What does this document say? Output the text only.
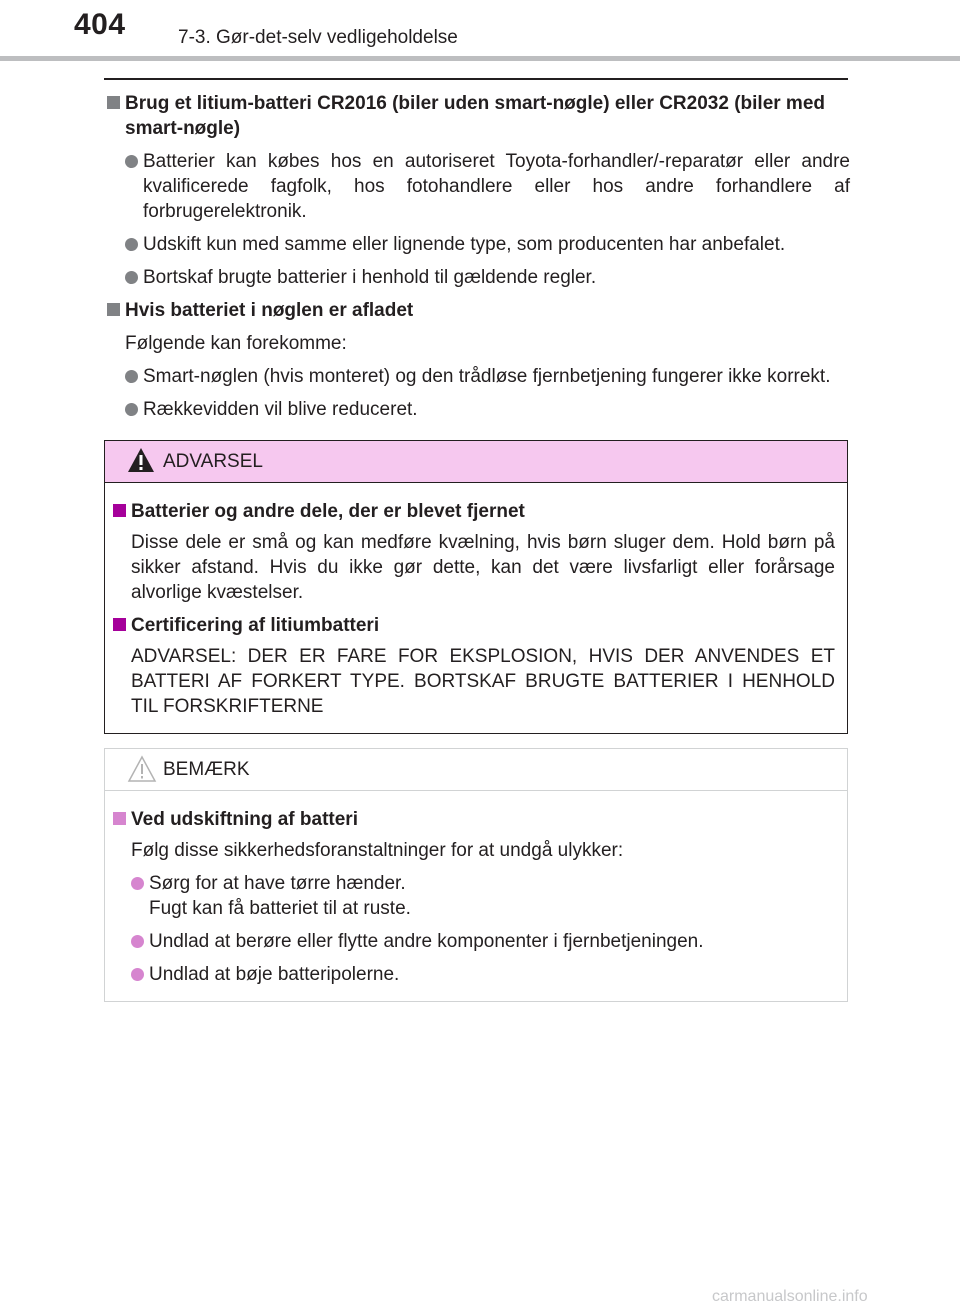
404	7-3. Gør-det-selv vedligeholdelse
Brug et litium-batteri CR2016 (biler uden smart-nøgle) eller CR2032 (biler med smart-nøgle)
Batterier kan købes hos en autoriseret Toyota-forhandler/-reparatør eller andre kvalificerede fagfolk, hos fotohandlere eller hos andre forhandlere af forbrugerelektronik.
Udskift kun med samme eller lignende type, som producenten har anbefalet.
Bortskaf brugte batterier i henhold til gældende regler.
Hvis batteriet i nøglen er afladet
Følgende kan forekomme:
Smart-nøglen (hvis monteret) og den trådløse fjernbetjening fungerer ikke korrekt.
Rækkevidden vil blive reduceret.
ADVARSEL
Batterier og andre dele, der er blevet fjernet
Disse dele er små og kan medføre kvælning, hvis børn sluger dem. Hold børn på sikker afstand. Hvis du ikke gør dette, kan det være livsfarligt eller forårsage alvorlige kvæstelser.
Certificering af litiumbatteri
ADVARSEL: DER ER FARE FOR EKSPLOSION, HVIS DER ANVENDES ET BATTERI AF FORKERT TYPE. BORTSKAF BRUGTE BATTERIER I HENHOLD TIL FORSKRIFTERNE
BEMÆRK
Ved udskiftning af batteri
Følg disse sikkerhedsforanstaltninger for at undgå ulykker:
Sørg for at have tørre hænder.
Fugt kan få batteriet til at ruste.
Undlad at berøre eller flytte andre komponenter i fjernbetjeningen.
Undlad at bøje batteripolerne.
carmanualsonline.info
